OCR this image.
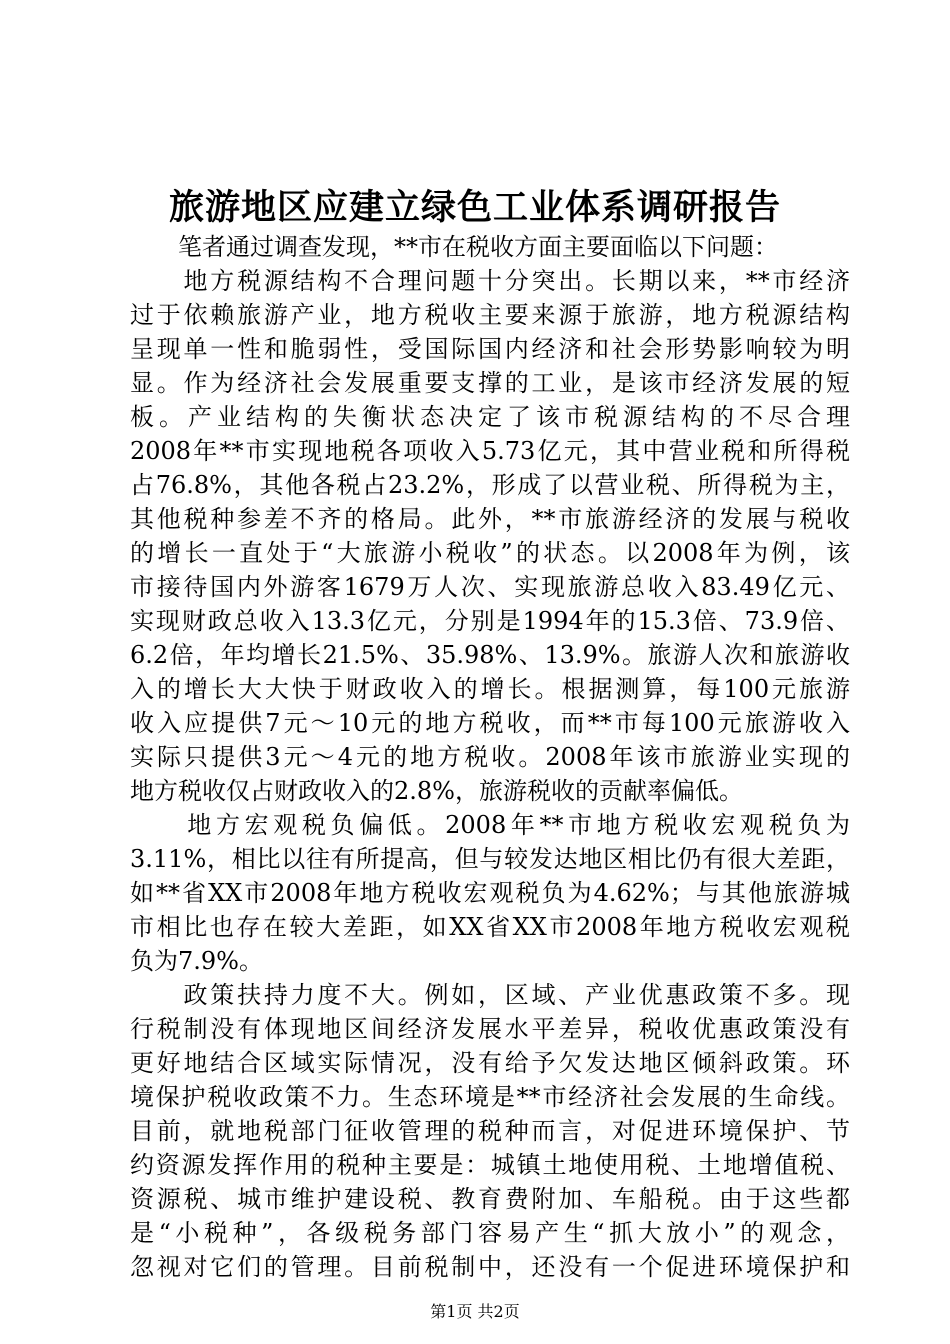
旅游地区应建立绿色工业体系调研报告
　　笔者通过调查发现，**市在税收方面主要面临以下问题：
　　地方税源结构不合理问题十分突出。长期以来，**市经济
过于依赖旅游产业，地方税收主要来源于旅游，地方税源结构
呈现单一性和脆弱性，受国际国内经济和社会形势影响较为明
显。作为经济社会发展重要支撑的工业，是该市经济发展的短
板。产业结构的失衡状态决定了该市税源结构的不尽合理
2008年**市实现地税各项收入5.73亿元，其中营业税和所得税
占76.8%，其他各税占23.2%，形成了以营业税、所得税为主，
其他税种参差不齐的格局。此外，**市旅游经济的发展与税收
的增长一直处于“大旅游小税收”的状态。以2008年为例，该
市接待国内外游客1679万人次、实现旅游总收入83.49亿元、
实现财政总收入13.3亿元，分别是1994年的15.3倍、73.9倍、
6.2倍，年均增长21.5%、35.98%、13.9%。旅游人次和旅游收
入的增长大大快于财政收入的增长。根据测算，每100元旅游
收入应提供7元～10元的地方税收，而**市每100元旅游收入
实际只提供3元～4元的地方税收。2008年该市旅游业实现的
地方税收仅占财政收入的2.8%，旅游税收的贡献率偏低。
　　地方宏观税负偏低。2008年**市地方税收宏观税负为
3.11%，相比以往有所提高，但与较发达地区相比仍有很大差距，
如**省XX市2008年地方税收宏观税负为4.62%；与其他旅游城
市相比也存在较大差距，如XX省XX市2008年地方税收宏观税
负为7.9%。
　　政策扶持力度不大。例如，区域、产业优惠政策不多。现
行税制没有体现地区间经济发展水平差异，税收优惠政策没有
更好地结合区域实际情况，没有给予欠发达地区倾斜政策。环
境保护税收政策不力。生态环境是**市经济社会发展的生命线。
目前，就地税部门征收管理的税种而言，对促进环境保护、节
约资源发挥作用的税种主要是：城镇土地使用税、土地增值税、
资源税、城市维护建设税、教育费附加、车船税。由于这些都
是“小税种”，各级税务部门容易产生“抓大放小”的观念，
忽视对它们的管理。目前税制中，还没有一个促进环境保护和
第1页 共2页
